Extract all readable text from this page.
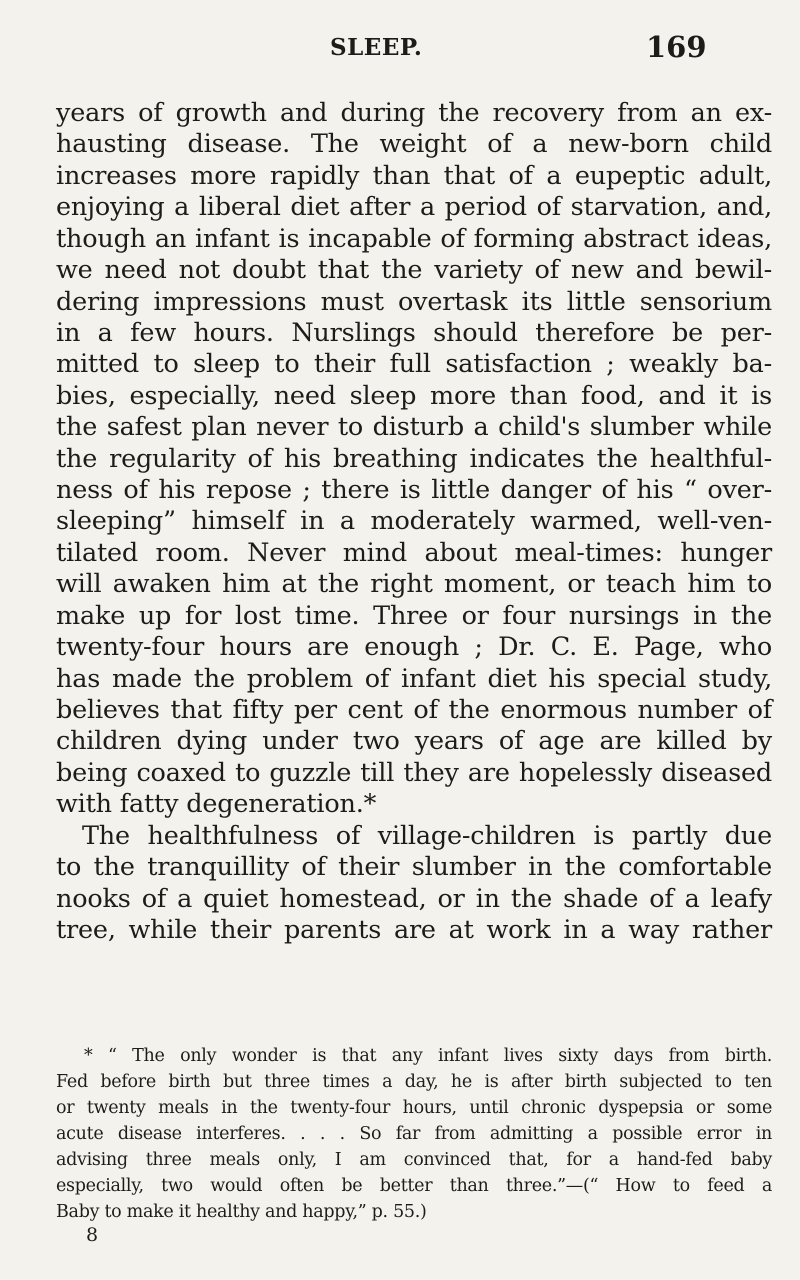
SLEEP.	169
years of growth and during the recovery from an ex-
hausting disease. The weight of a new-born child
increases more rapidly than that of a eupeptic adult,
enjoying a liberal diet after a period of starvation, and,
though an infant is incapable of forming abstract ideas,
we need not doubt that the variety of new and bewil-
dering impressions must overtask its little sensorium
in a few hours. Nurslings should therefore be per-
mitted to sleep to their full satisfaction ; weakly ba-
bies, especially, need sleep more than food, and it is
the safest plan never to disturb a child's slumber while
the regularity of his breathing indicates the healthful-
ness of his repose ; there is little danger of his “ over-
sleeping” himself in a moderately warmed, well-ven-
tilated room. Never mind about meal-times: hunger
will awaken him at the right moment, or teach him to
make up for lost time. Three or four nursings in the
twenty-four hours are enough ; Dr. C. E. Page, who
has made the problem of infant diet his special study,
believes that fifty per cent of the enormous number of
children dying under two years of age are killed by
being coaxed to guzzle till they are hopelessly diseased
with fatty degeneration.*
The healthfulness of village-children is partly due
to the tranquillity of their slumber in the comfortable
nooks of a quiet homestead, or in the shade of a leafy
tree, while their parents are at work in a way rather
* “ The only wonder is that any infant lives sixty days from birth.
Fed before birth but three times a day, he is after birth subjected to ten
or twenty meals in the twenty-four hours, until chronic dyspepsia or some
acute disease interferes. . . . So far from admitting a possible error in
advising three meals only, I am convinced that, for a hand-fed baby
especially, two would often be better than three.”—(“ How to feed a
Baby to make it healthy and happy,” p. 55.)
8
